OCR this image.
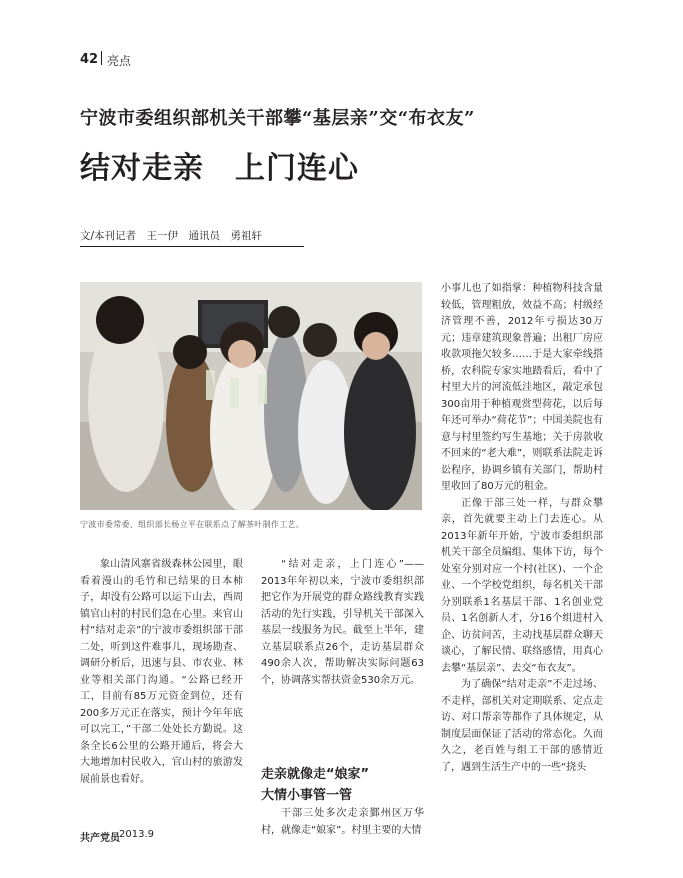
42 亮点
宁波市委组织部机关干部攀“基层亲”交“布衣友”
结对走亲　上门连心
文/本刊记者　王一伊　通讯员　勇祖轩
宁波市委常委、组织部长杨立平在联系点了解茶叶制作工艺。

象山清风寨省级森林公园里，眼看着漫山的毛竹和已结果的日本柿子，却没有公路可以运下山去，西周镇官山村的村民们急在心里。来官山村“结对走亲”的宁波市委组织部干部二处，听到这件难事儿，现场勘查、调研分析后，迅速与县、市农业、林业等相关部门沟通。“公路已经开工，目前有85万元资金到位，还有200多万元正在落实，预计今年年底可以完工，”干部二处处长方勤说。这条全长6公里的公路开通后，将会大大地增加村民收入，官山村的旅游发展前景也看好。

“结对走亲，上门连心”——2013年年初以来，宁波市委组织部把它作为开展党的群众路线教育实践活动的先行实践，引导机关干部深入基层一线服务为民。截至上半年，建立基层联系点26个，走访基层群众490余人次，帮助解决实际问题63个，协调落实帮扶资金530余万元。

走亲就像走“娘家”
大情小事管一管

干部三处多次走亲鄞州区万华村，就像走“娘家”。村里主要的大情

小事儿也了如指掌：种植物科技含量较低，管理粗放，效益不高；村级经济管理不善，2012年亏损达30万元；违章建筑现象普遍；出租厂房应收款项拖欠较多……于是大家牵线搭桥，农科院专家实地踏看后，看中了村里大片的河流低洼地区，敲定承包300亩用于种植观赏型荷花，以后每年还可举办“荷花节”；中国美院也有意与村里签约写生基地；关于房款收不回来的“老大难”，则联系法院走诉讼程序，协调乡镇有关部门，帮助村里收回了80万元的租金。

正像干部三处一样，与群众攀亲，首先就要主动上门去连心。从2013年新年开始，宁波市委组织部机关干部全员编组、集体下访，每个处室分别对应一个村(社区)、一个企业、一个学校党组织，每名机关干部分别联系1名基层干部、1名创业党员、1名创新人才，分16个组进村入企、访贫问苦，主动找基层群众聊天谈心，了解民情、联络感情，用真心去攀“基层亲”、去交“布衣友”。

为了确保“结对走亲”不走过场、不走样，部机关对定期联系、定点走访、对口帮亲等都作了具体规定，从制度层面保证了活动的常态化。久而久之，老百姓与组工干部的感情近了，遇到生活生产中的一些“挠头

共产党员 2013.9
